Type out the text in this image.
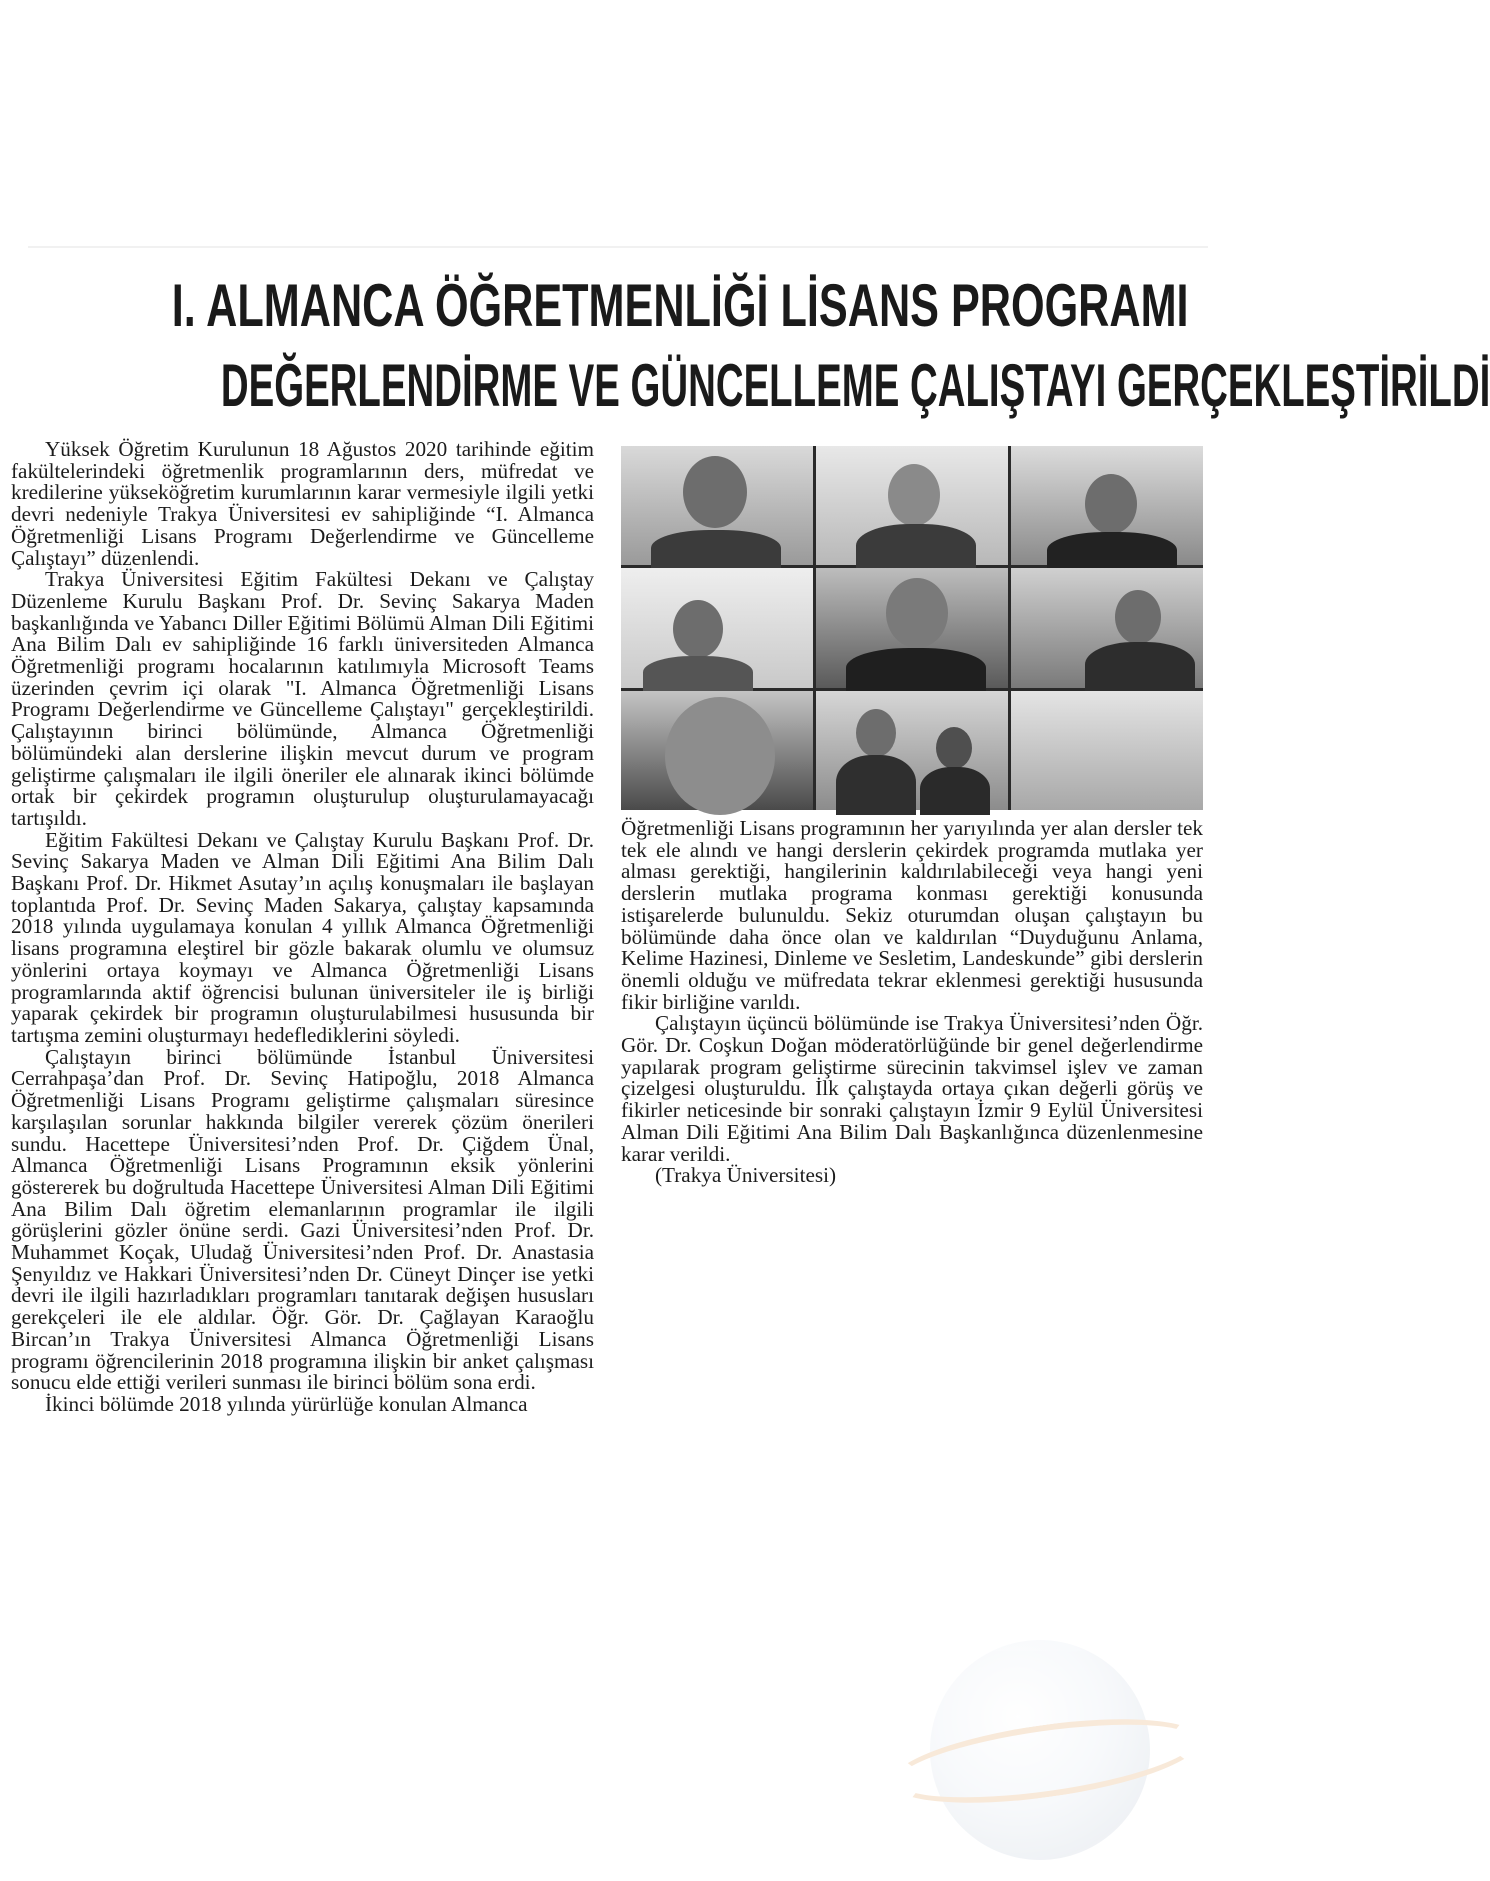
I. ALMANCA ÖĞRETMENLİĞİ LİSANS PROGRAMI
DEĞERLENDİRME VE GÜNCELLEME ÇALIŞTAYI GERÇEKLEŞTİRİLDİ

Yüksek Öğretim Kurulunun 18 Ağustos 2020 tarihinde eğitim fakültelerindeki öğretmenlik programlarının ders, müfredat ve kredilerine yükseköğretim kurumlarının karar vermesiyle ilgili yetki devri nedeniyle Trakya Üniversitesi ev sahipliğinde “I. Almanca Öğretmenliği Lisans Programı Değerlendirme ve Güncelleme Çalıştayı” düzenlendi.

Trakya Üniversitesi Eğitim Fakültesi Dekanı ve Çalıştay Düzenleme Kurulu Başkanı Prof. Dr. Sevinç Sakarya Maden başkanlığında ve Yabancı Diller Eğitimi Bölümü Alman Dili Eğitimi Ana Bilim Dalı ev sahipliğinde 16 farklı üniversiteden Almanca Öğretmenliği programı hocalarının katılımıyla Microsoft Teams üzerinden çevrim içi olarak "I. Almanca Öğretmenliği Lisans Programı Değerlendirme ve Güncelleme Çalıştayı" gerçekleştirildi. Çalıştayının birinci bölümünde, Almanca Öğretmenliği bölümündeki alan derslerine ilişkin mevcut durum ve program geliştirme çalışmaları ile ilgili öneriler ele alınarak ikinci bölümde ortak bir çekirdek programın oluşturulup oluşturulamayacağı tartışıldı.

Eğitim Fakültesi Dekanı ve Çalıştay Kurulu Başkanı Prof. Dr. Sevinç Sakarya Maden ve Alman Dili Eğitimi Ana Bilim Dalı Başkanı Prof. Dr. Hikmet Asutay’ın açılış konuşmaları ile başlayan toplantıda Prof. Dr. Sevinç Maden Sakarya, çalıştay kapsamında 2018 yılında uygulamaya konulan 4 yıllık Almanca Öğretmenliği lisans programına eleştirel bir gözle bakarak olumlu ve olumsuz yönlerini ortaya koymayı ve Almanca Öğretmenliği Lisans programlarında aktif öğrencisi bulunan üniversiteler ile iş birliği yaparak çekirdek bir programın oluşturulabilmesi hususunda bir tartışma zemini oluşturmayı hedeflediklerini söyledi.

Çalıştayın birinci bölümünde İstanbul Üniversitesi Cerrahpaşa’dan Prof. Dr. Sevinç Hatipoğlu, 2018 Almanca Öğretmenliği Lisans Programı geliştirme çalışmaları süresince karşılaşılan sorunlar hakkında bilgiler vererek çözüm önerileri sundu. Hacettepe Üniversitesi’nden Prof. Dr. Çiğdem Ünal, Almanca Öğretmenliği Lisans Programının eksik yönlerini göstererek bu doğrultuda Hacettepe Üniversitesi Alman Dili Eğitimi Ana Bilim Dalı öğretim elemanlarının programlar ile ilgili görüşlerini gözler önüne serdi. Gazi Üniversitesi’nden Prof. Dr. Muhammet Koçak, Uludağ Üniversitesi’nden Prof. Dr. Anastasia Şenyıldız ve Hakkari Üniversitesi’nden Dr. Cüneyt Dinçer ise yetki devri ile ilgili hazırladıkları programları tanıtarak değişen hususları gerekçeleri ile ele aldılar. Öğr. Gör. Dr. Çağlayan Karaoğlu Bircan’ın Trakya Üniversitesi Almanca Öğretmenliği Lisans programı öğrencilerinin 2018 programına ilişkin bir anket çalışması sonucu elde ettiği verileri sunması ile birinci bölüm sona erdi.

İkinci bölümde 2018 yılında yürürlüğe konulan Almanca

Öğretmenliği Lisans programının her yarıyılında yer alan dersler tek tek ele alındı ve hangi derslerin çekirdek programda mutlaka yer alması gerektiği, hangilerinin kaldırılabileceği veya hangi yeni derslerin mutlaka programa konması gerektiği konusunda istişarelerde bulunuldu. Sekiz oturumdan oluşan çalıştayın bu bölümünde daha önce olan ve kaldırılan “Duyduğunu Anlama, Kelime Hazinesi, Dinleme ve Sesletim, Landeskunde” gibi derslerin önemli olduğu ve müfredata tekrar eklenmesi gerektiği hususunda fikir birliğine varıldı.

Çalıştayın üçüncü bölümünde ise Trakya Üniversitesi’nden Öğr. Gör. Dr. Coşkun Doğan möderatörlüğünde bir genel değerlendirme yapılarak program geliştirme sürecinin takvimsel işlev ve zaman çizelgesi oluşturuldu. İlk çalıştayda ortaya çıkan değerli görüş ve fikirler neticesinde bir sonraki çalıştayın İzmir 9 Eylül Üniversitesi Alman Dili Eğitimi Ana Bilim Dalı Başkanlığınca düzenlenmesine karar verildi.

(Trakya Üniversitesi)
